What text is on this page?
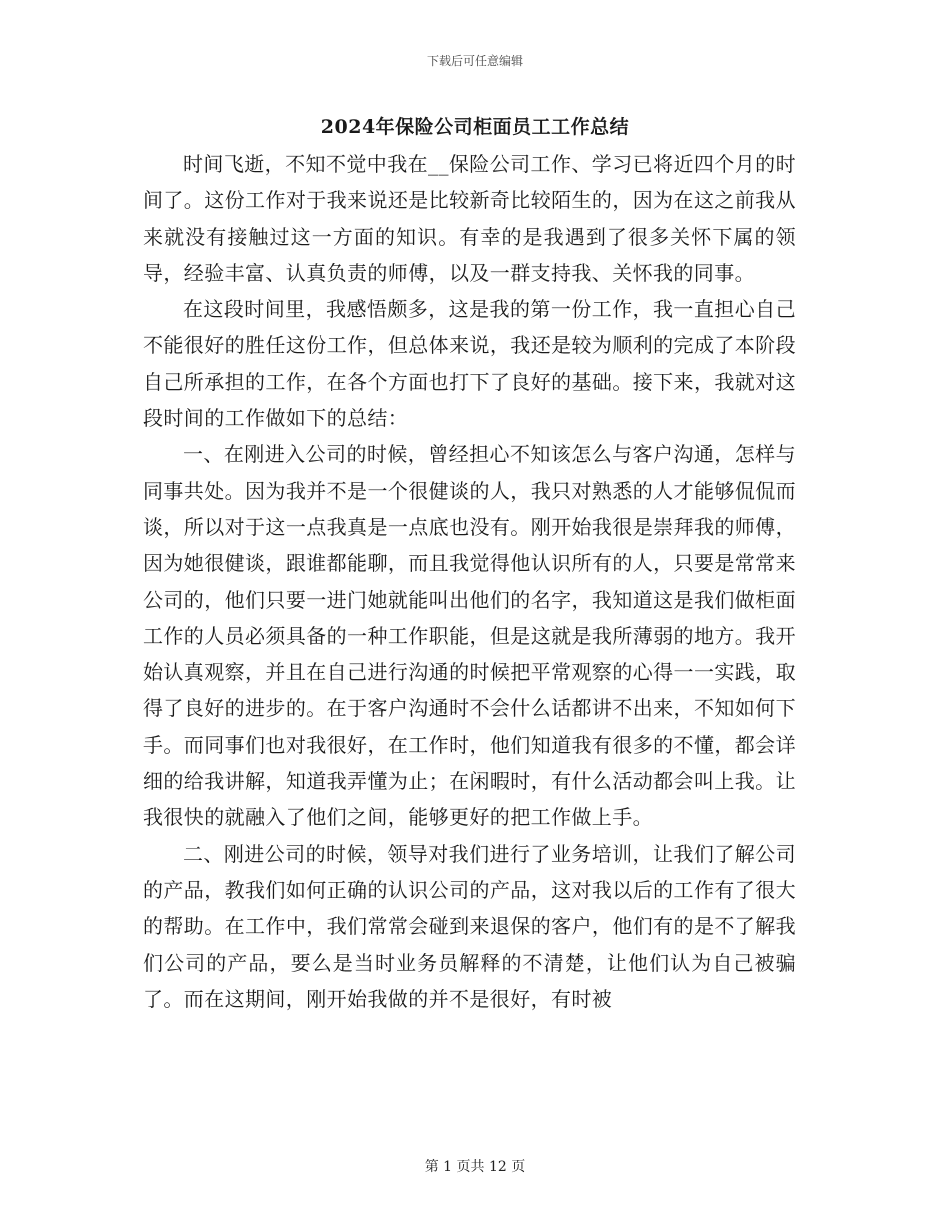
下载后可任意编辑
2024年保险公司柜面员工工作总结

时间飞逝，不知不觉中我在__保险公司工作、学习已将近四个月的时间了。这份工作对于我来说还是比较新奇比较陌生的，因为在这之前我从来就没有接触过这一方面的知识。有幸的是我遇到了很多关怀下属的领导，经验丰富、认真负责的师傅，以及一群支持我、关怀我的同事。

在这段时间里，我感悟颇多，这是我的第一份工作，我一直担心自己不能很好的胜任这份工作，但总体来说，我还是较为顺利的完成了本阶段自己所承担的工作，在各个方面也打下了良好的基础。接下来，我就对这段时间的工作做如下的总结：

一、在刚进入公司的时候，曾经担心不知该怎么与客户沟通，怎样与同事共处。因为我并不是一个很健谈的人，我只对熟悉的人才能够侃侃而谈，所以对于这一点我真是一点底也没有。刚开始我很是崇拜我的师傅，因为她很健谈，跟谁都能聊，而且我觉得他认识所有的人，只要是常常来公司的，他们只要一进门她就能叫出他们的名字，我知道这是我们做柜面工作的人员必须具备的一种工作职能，但是这就是我所薄弱的地方。我开始认真观察，并且在自己进行沟通的时候把平常观察的心得一一实践，取得了良好的进步的。在于客户沟通时不会什么话都讲不出来，不知如何下手。而同事们也对我很好，在工作时，他们知道我有很多的不懂，都会详细的给我讲解，知道我弄懂为止；在闲暇时，有什么活动都会叫上我。让我很快的就融入了他们之间，能够更好的把工作做上手。

二、刚进公司的时候，领导对我们进行了业务培训，让我们了解公司的产品，教我们如何正确的认识公司的产品，这对我以后的工作有了很大的帮助。在工作中，我们常常会碰到来退保的客户，他们有的是不了解我们公司的产品，要么是当时业务员解释的不清楚，让他们认为自己被骗了。而在这期间，刚开始我做的并不是很好，有时被

第 1 页共 12 页
